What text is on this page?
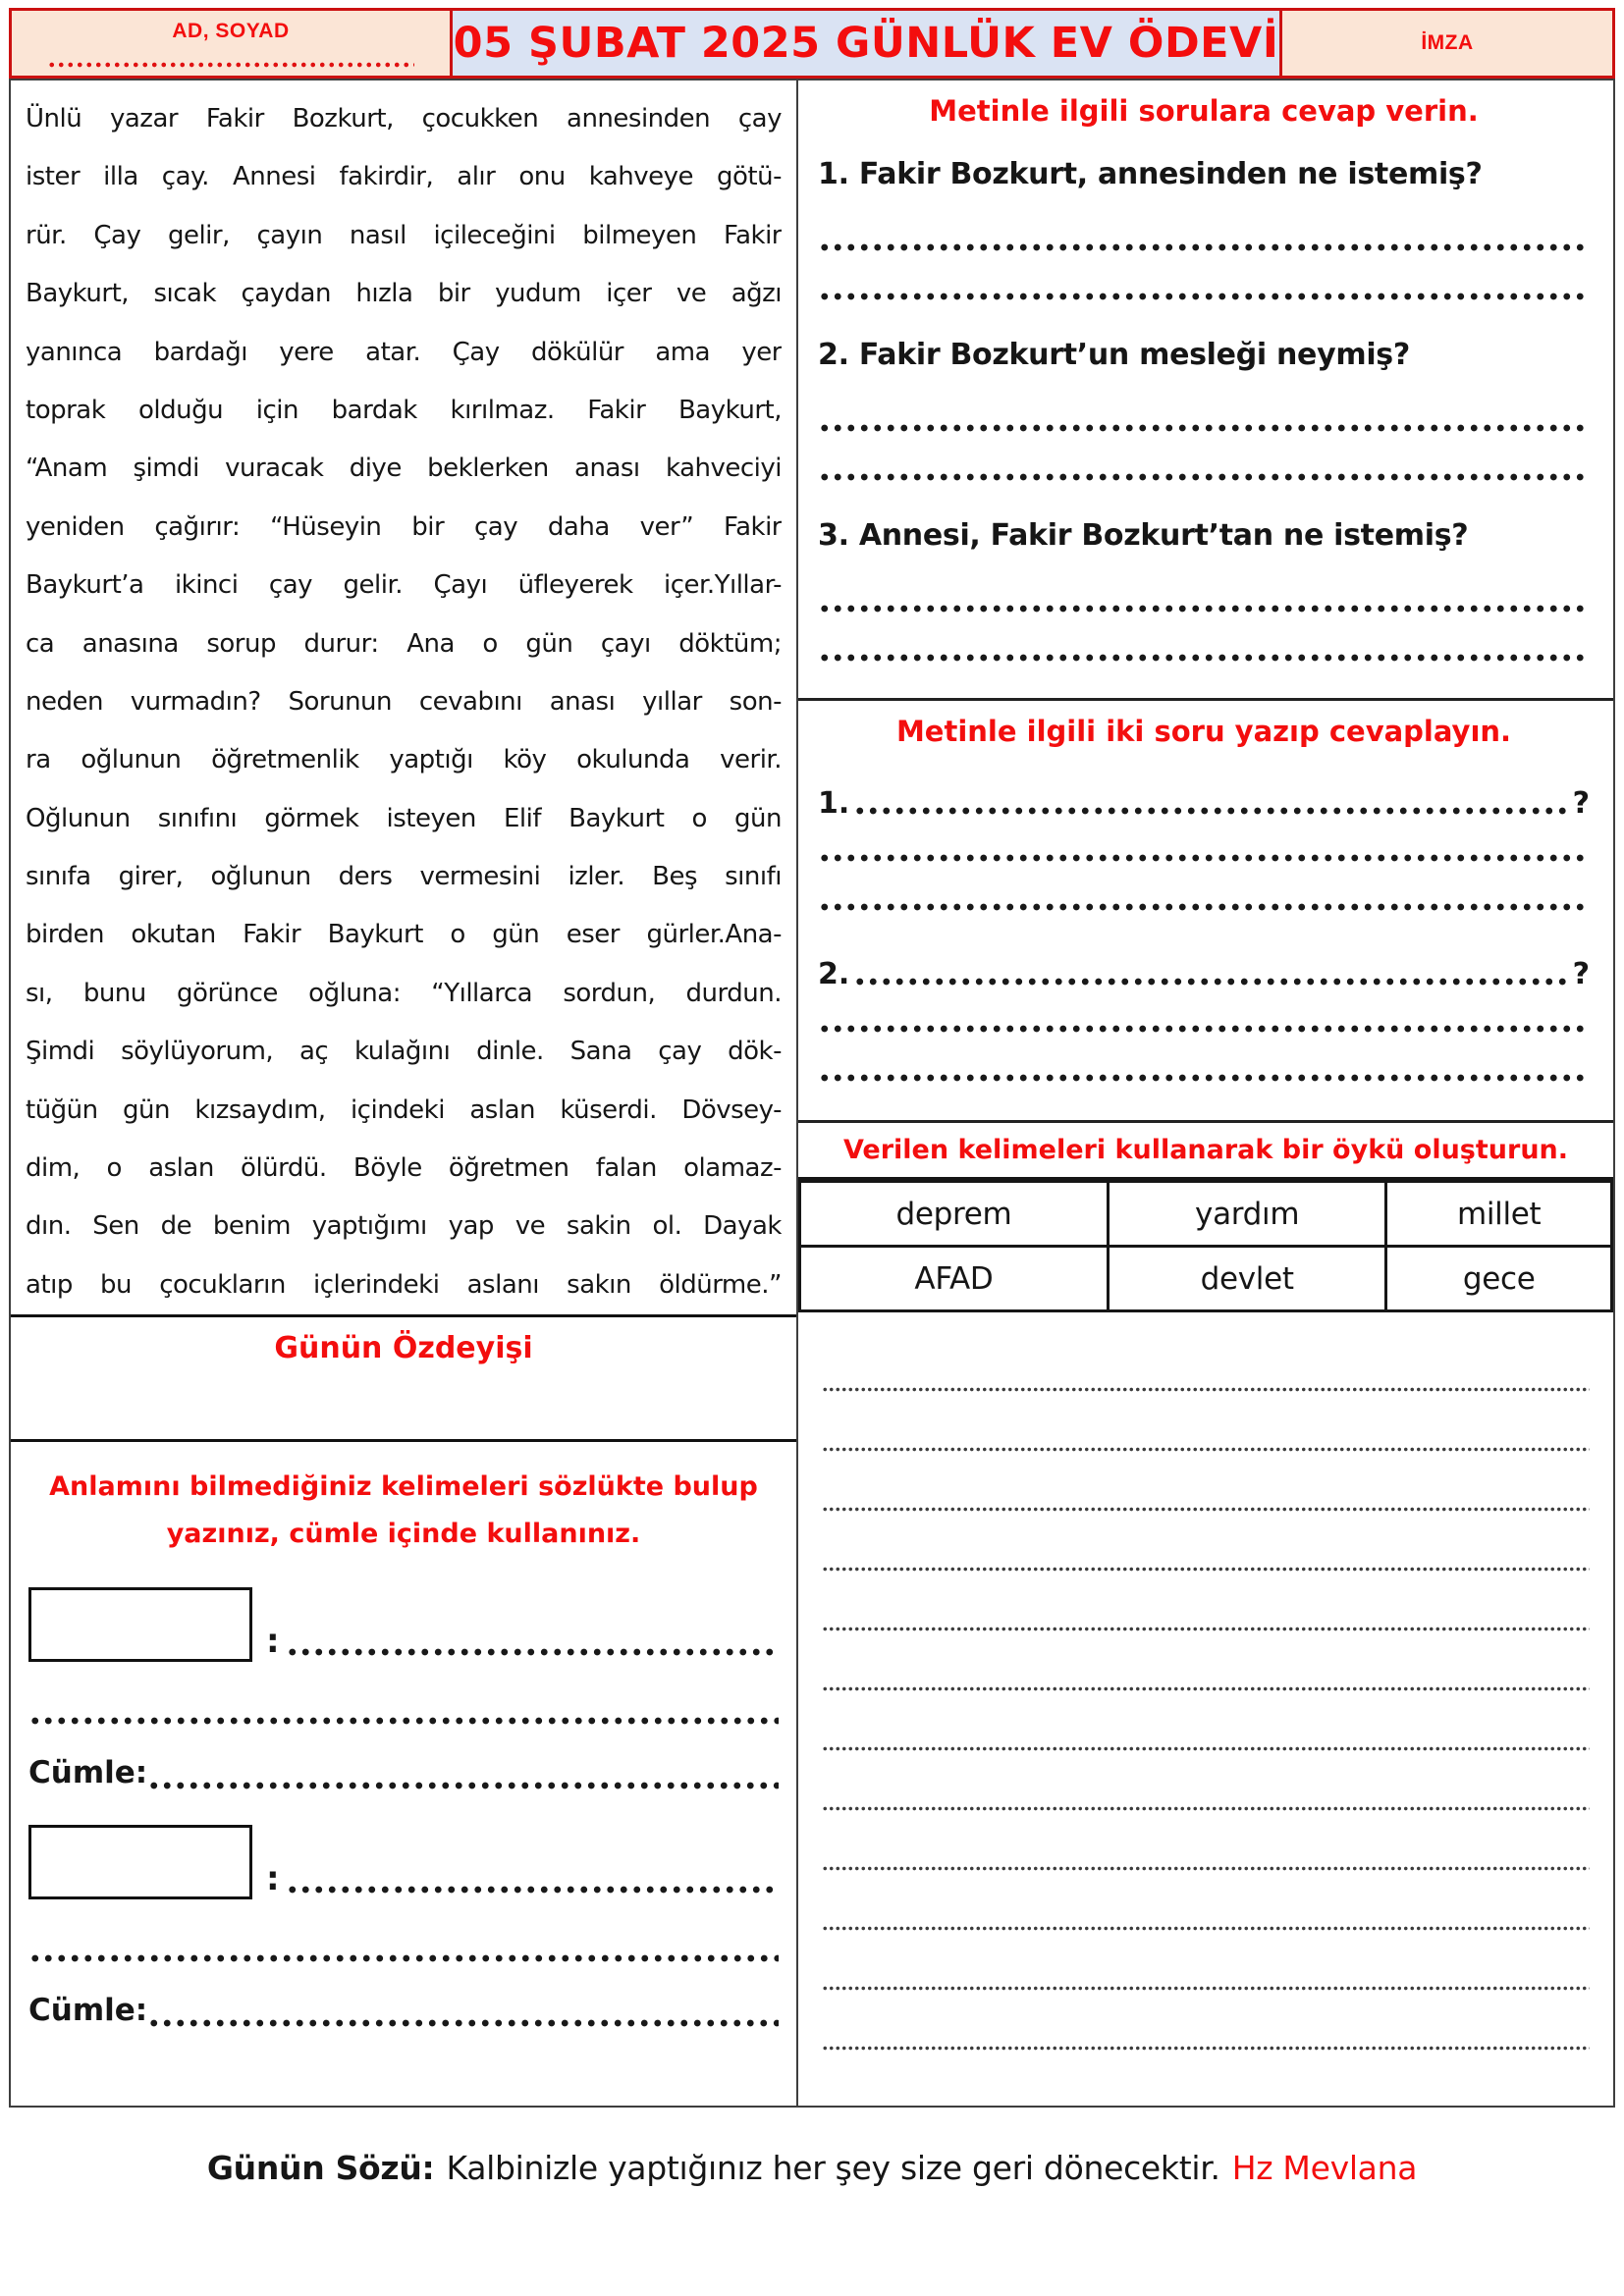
AD, SOYAD	05 ŞUBAT 2025 GÜNLÜK EV ÖDEVİ	İMZA
Ünlü yazar Fakir Bozkurt, çocukken annesinden çay
ister illa çay. Annesi fakirdir, alır onu kahveye götü-
rür. Çay gelir, çayın nasıl içileceğini bilmeyen Fakir
Baykurt, sıcak çaydan hızla bir yudum içer ve ağzı
yanınca bardağı yere atar. Çay dökülür ama yer
toprak olduğu için bardak kırılmaz. Fakir Baykurt,
“Anam şimdi vuracak diye beklerken anası kahveciyi
yeniden çağırır: “Hüseyin bir çay daha ver” Fakir
Baykurt’a ikinci çay gelir. Çayı üfleyerek içer.Yıllar-
ca anasına sorup durur: Ana o gün çayı döktüm;
neden vurmadın? Sorunun cevabını anası yıllar son-
ra oğlunun öğretmenlik yaptığı köy okulunda verir.
Oğlunun sınıfını görmek isteyen Elif Baykurt o gün
sınıfa girer, oğlunun ders vermesini izler. Beş sınıfı
birden okutan Fakir Baykurt o gün eser gürler.Ana-
sı, bunu görünce oğluna: “Yıllarca sordun, durdun.
Şimdi söylüyorum, aç kulağını dinle. Sana çay dök-
tüğün gün kızsaydım, içindeki aslan küserdi. Dövsey-
dim, o aslan ölürdü. Böyle öğretmen falan olamaz-
dın. Sen de benim yaptığımı yap ve sakin ol. Dayak
atıp bu çocukların içlerindeki aslanı sakın öldürme.”
Günün Özdeyişi
Anlamını bilmediğiniz kelimeleri sözlükte bulup
yazınız, cümle içinde kullanınız.
:
Cümle:
:
Cümle:
Metinle ilgili sorulara cevap verin.
1. Fakir Bozkurt, annesinden ne istemiş?
2. Fakir Bozkurt’un mesleği neymiş?
3. Annesi, Fakir Bozkurt’tan ne istemiş?
Metinle ilgili iki soru yazıp cevaplayın.
1.	?
2.	?
Verilen kelimeleri kullanarak bir öykü oluşturun.
deprem	yardım	millet
AFAD	devlet	gece
Günün Sözü: Kalbinizle yaptığınız her şey size geri dönecektir. Hz Mevlana
